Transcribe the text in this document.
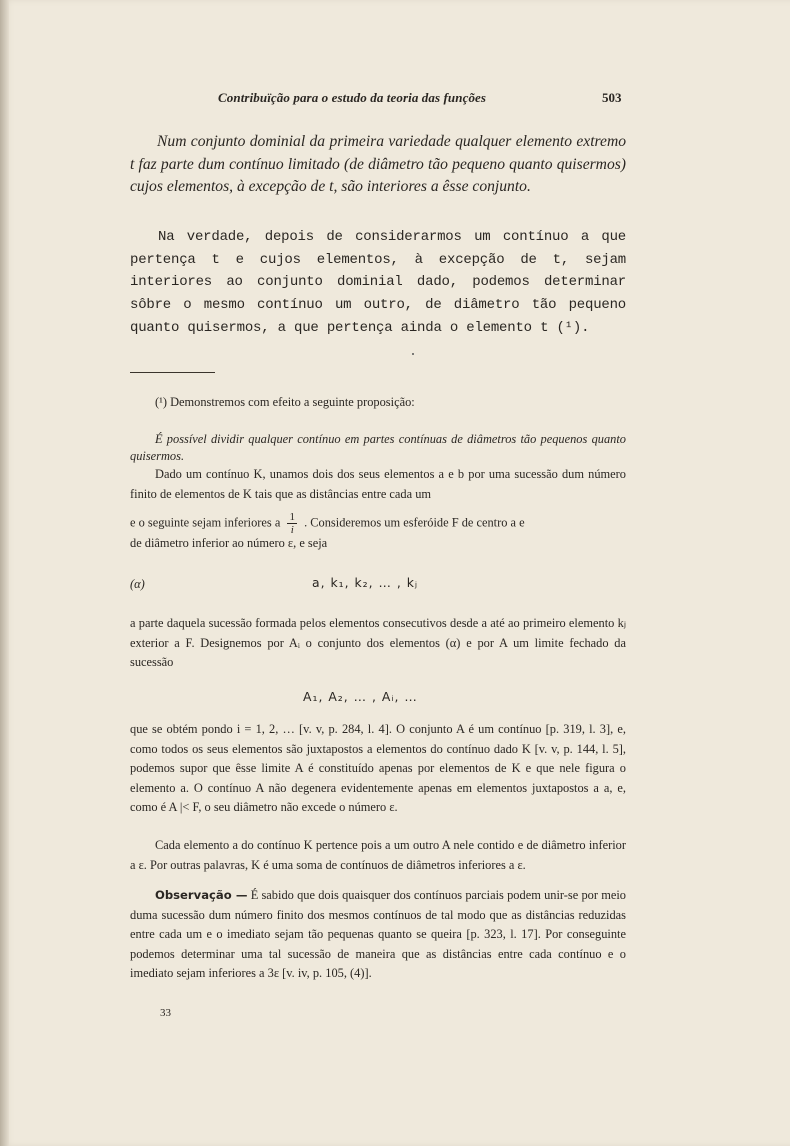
Contribuïção para o estudo da teoria das funções	503
Num conjunto dominial da primeira variedade qualquer elemento extremo t faz parte dum contínuo limitado (de diâmetro tão pequeno quanto quisermos) cujos elementos, à excepção de t, são interiores a êsse conjunto.
Na verdade, depois de considerarmos um contínuo a que pertença t e cujos elementos, à excepção de t, sejam interiores ao conjunto dominial dado, podemos determinar sôbre o mesmo contínuo um outro, de diâmetro tão pequeno quanto quisermos, a que pertença ainda o elemento t (¹).
(¹) Demonstremos com efeito a seguinte proposição:
É possível dividir qualquer contínuo em partes contínuas de diâmetros tão pequenos quanto quisermos.
Dado um contínuo K, unamos dois dos seus elementos a e b por uma sucessão dum número finito de elementos de K tais que as distâncias entre cada um
e o seguinte sejam inferiores a $\frac{1}{i}$ . Consideremos um esferóide F de centro a e
de diâmetro inferior ao número ε, e seja
(α)	a, k₁, k₂, … , kⱼ
a parte daquela sucessão formada pelos elementos consecutivos desde a até ao primeiro elemento kⱼ exterior a F. Designemos por Aᵢ o conjunto dos elementos (α) e por A um limite fechado da sucessão
A₁, A₂, … , Aᵢ, …
que se obtém pondo i = 1, 2, … [v. v, p. 284, l. 4]. O conjunto A é um contínuo [p. 319, l. 3], e, como todos os seus elementos são juxtapostos a elementos do contínuo dado K [v. v, p. 144, l. 5], podemos supor que êsse limite A é constituído apenas por elementos de K e que nele figura o elemento a. O contínuo A não degenera evidentemente apenas em elementos juxtapostos a a, e, como é A |< F, o seu diâmetro não excede o número ε.
Cada elemento a do contínuo K pertence pois a um outro A nele contido e de diâmetro inferior a ε. Por outras palavras, K é uma soma de contínuos de diâmetros inferiores a ε.
Observação — É sabido que dois quaisquer dos contínuos parciais podem unir-se por meio duma sucessão dum número finito dos mesmos contínuos de tal modo que as distâncias reduzidas entre cada um e o imediato sejam tão pequenas quanto se queira [p. 323, l. 17]. Por conseguinte podemos determinar uma tal sucessão de maneira que as distâncias entre cada contínuo e o imediato sejam inferiores a 3ε [v. iv, p. 105, (4)].
33
